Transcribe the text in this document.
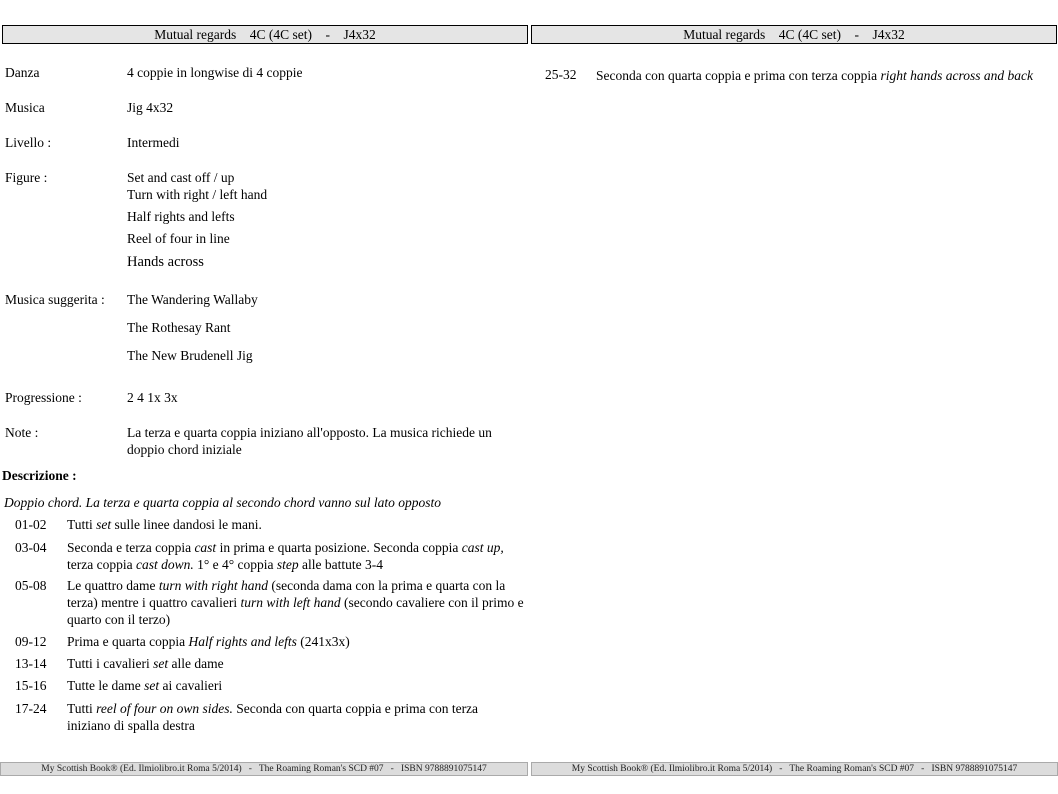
Mutual regards    4C (4C set)    -    J4x32	Mutual regards    4C (4C set)    -    J4x32
Danza	4 coppie in longwise di 4 coppie
Musica	Jig 4x32
Livello :	Intermedi
Figure :	Set and cast off / up
Turn with right / left hand
Half rights and lefts
Reel of four in line
Hands across
Musica suggerita : The Wandering Wallaby
The Rothesay Rant
The New Brudenell Jig
Progressione :	2 4 1x 3x
Note :	La terza e quarta coppia iniziano all'opposto. La musica richiede un doppio chord iniziale
Descrizione :
Doppio chord. La terza e quarta coppia al secondo chord vanno sul lato opposto
01-02 Tutti set sulle linee dandosi le mani.
03-04 Seconda e terza coppia cast in prima e quarta posizione. Seconda coppia cast up, terza coppia cast down. 1° e 4° coppia step alle battute 3-4
05-08 Le quattro dame turn with right hand (seconda dama con la prima e quarta con la terza) mentre i quattro cavalieri turn with left hand (secondo cavaliere con il primo e quarto con il terzo)
09-12 Prima e quarta coppia Half rights and lefts (241x3x)
13-14 Tutti i cavalieri set alle dame
15-16 Tutte le dame set ai cavalieri
17-24 Tutti reel of four on own sides. Seconda con quarta coppia e prima con terza iniziano di spalla destra
25-32 Seconda con quarta coppia e prima con terza coppia right hands across and back
My Scottish Book® (Ed. Ilmiolibro.it Roma 5/2014)   -   The Roaming Roman's SCD #07   -   ISBN 9788891075147	My Scottish Book® (Ed. Ilmiolibro.it Roma 5/2014)   -   The Roaming Roman's SCD #07   -   ISBN 9788891075147
